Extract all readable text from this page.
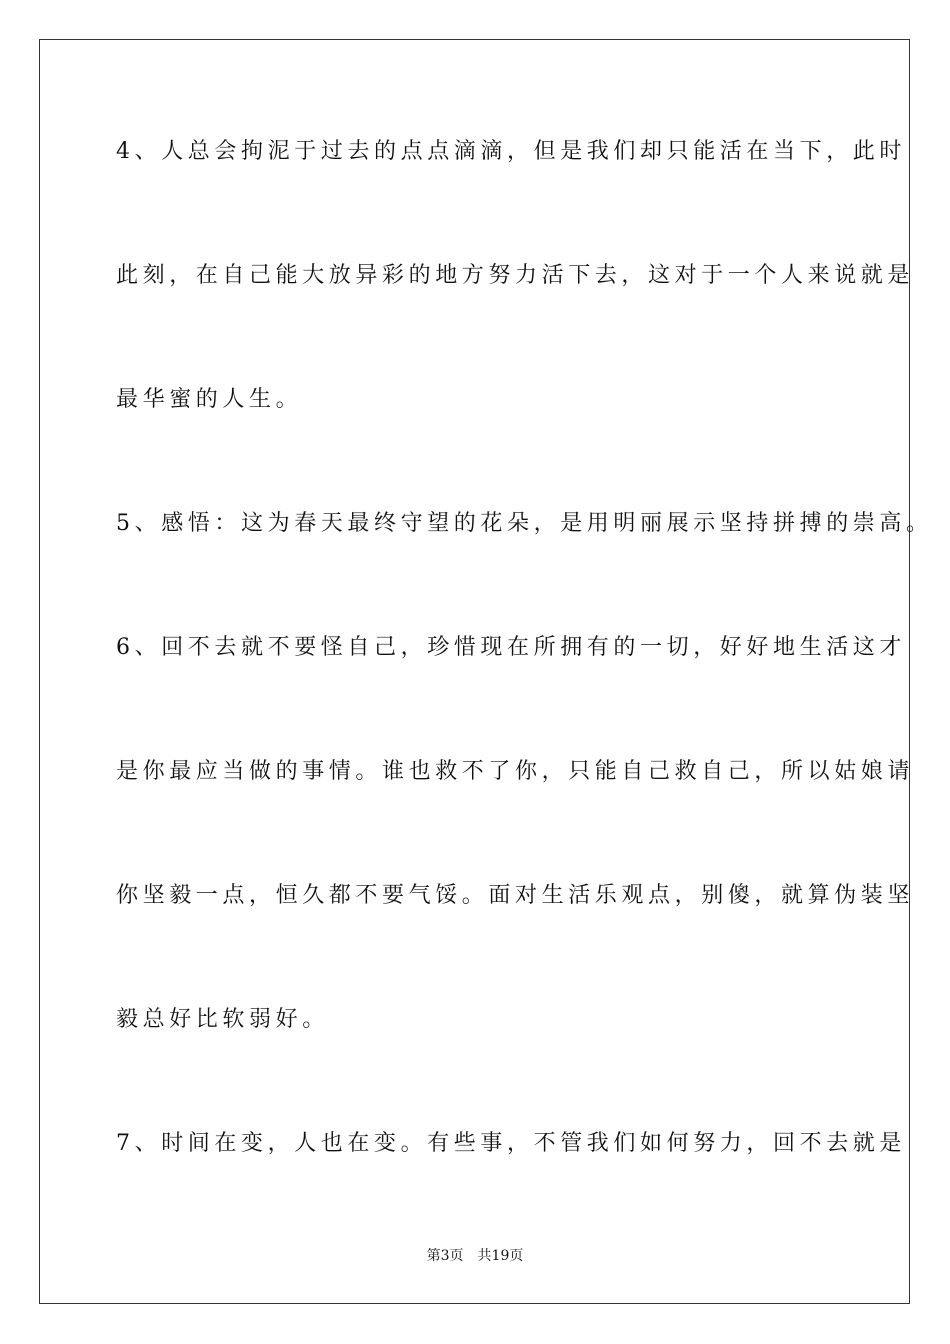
4、人总会拘泥于过去的点点滴滴，但是我们却只能活在当下，此时
此刻，在自己能大放异彩的地方努力活下去，这对于一个人来说就是
最华蜜的人生。
5、感悟：这为春天最终守望的花朵，是用明丽展示坚持拼搏的崇高。
6、回不去就不要怪自己，珍惜现在所拥有的一切，好好地生活这才
是你最应当做的事情。谁也救不了你，只能自己救自己，所以姑娘请
你坚毅一点，恒久都不要气馁。面对生活乐观点，别傻，就算伪装坚
毅总好比软弱好。
7、时间在变，人也在变。有些事，不管我们如何努力，回不去就是
第3页 共19页
